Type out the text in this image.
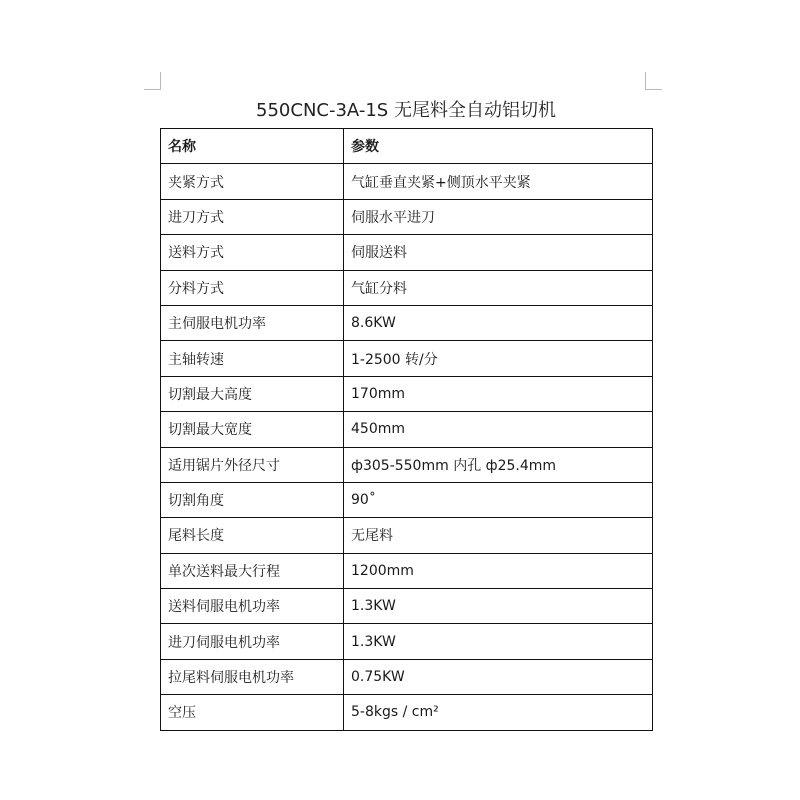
550CNC-3A-1S 无尾料全自动铝切机
名称	参数
夹紧方式	气缸垂直夹紧+侧顶水平夹紧
进刀方式	伺服水平进刀
送料方式	伺服送料
分料方式	气缸分料
主伺服电机功率	8.6KW
主轴转速	1-2500 转/分
切割最大高度	170mm
切割最大宽度	450mm
适用锯片外径尺寸	ф305-550mm 内孔 ф25.4mm
切割角度	90˚
尾料长度	无尾料
单次送料最大行程	1200mm
送料伺服电机功率	1.3KW
进刀伺服电机功率	1.3KW
拉尾料伺服电机功率	0.75KW
空压	5-8kgs / cm²
